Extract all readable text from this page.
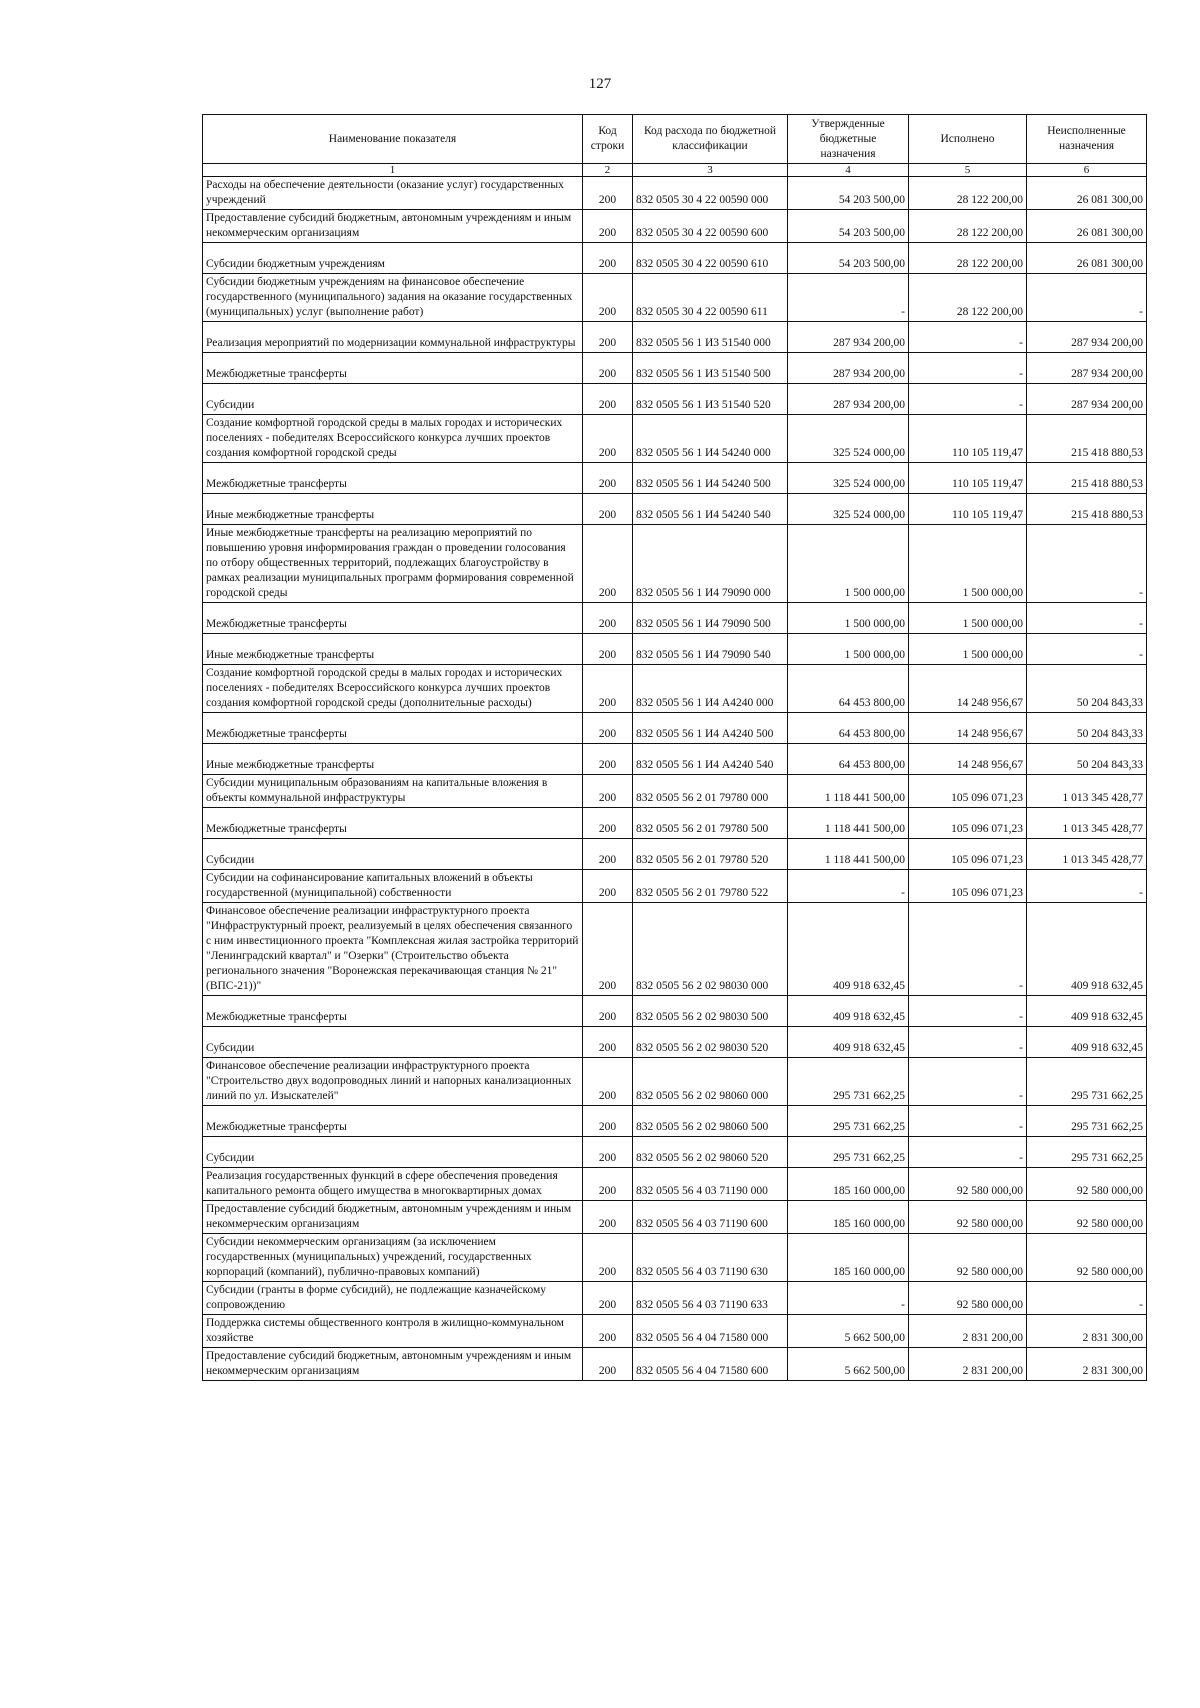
127
Наименование показателя	Код строки	Код расхода по бюджетной классификации	Утвержденные бюджетные назначения	Исполнено	Неисполненные назначения
1	2	3	4	5	6
Расходы на обеспечение деятельности (оказание услуг) государственных учреждений	200	832 0505 30 4 22 00590 000	54 203 500,00	28 122 200,00	26 081 300,00
Предоставление субсидий бюджетным, автономным учреждениям и иным некоммерческим организациям	200	832 0505 30 4 22 00590 600	54 203 500,00	28 122 200,00	26 081 300,00
Субсидии бюджетным учреждениям	200	832 0505 30 4 22 00590 610	54 203 500,00	28 122 200,00	26 081 300,00
Субсидии бюджетным учреждениям на финансовое обеспечение государственного (муниципального) задания на оказание государственных (муниципальных) услуг (выполнение работ)	200	832 0505 30 4 22 00590 611	-	28 122 200,00	-
Реализация мероприятий по модернизации коммунальной инфраструктуры	200	832 0505 56 1 И3 51540 000	287 934 200,00	-	287 934 200,00
Межбюджетные трансферты	200	832 0505 56 1 И3 51540 500	287 934 200,00	-	287 934 200,00
Субсидии	200	832 0505 56 1 И3 51540 520	287 934 200,00	-	287 934 200,00
Создание комфортной городской среды в малых городах и исторических поселениях - победителях Всероссийского конкурса лучших проектов создания комфортной городской среды	200	832 0505 56 1 И4 54240 000	325 524 000,00	110 105 119,47	215 418 880,53
Межбюджетные трансферты	200	832 0505 56 1 И4 54240 500	325 524 000,00	110 105 119,47	215 418 880,53
Иные межбюджетные трансферты	200	832 0505 56 1 И4 54240 540	325 524 000,00	110 105 119,47	215 418 880,53
Иные межбюджетные трансферты на реализацию мероприятий по повышению уровня информирования граждан о проведении голосования по отбору общественных территорий, подлежащих благоустройству в рамках реализации муниципальных программ формирования современной городской среды	200	832 0505 56 1 И4 79090 000	1 500 000,00	1 500 000,00	-
Межбюджетные трансферты	200	832 0505 56 1 И4 79090 500	1 500 000,00	1 500 000,00	-
Иные межбюджетные трансферты	200	832 0505 56 1 И4 79090 540	1 500 000,00	1 500 000,00	-
Создание комфортной городской среды в малых городах и исторических поселениях - победителях Всероссийского конкурса лучших проектов создания комфортной городской среды (дополнительные расходы)	200	832 0505 56 1 И4 А4240 000	64 453 800,00	14 248 956,67	50 204 843,33
Межбюджетные трансферты	200	832 0505 56 1 И4 А4240 500	64 453 800,00	14 248 956,67	50 204 843,33
Иные межбюджетные трансферты	200	832 0505 56 1 И4 А4240 540	64 453 800,00	14 248 956,67	50 204 843,33
Субсидии муниципальным образованиям на капитальные вложения в объекты коммунальной инфраструктуры	200	832 0505 56 2 01 79780 000	1 118 441 500,00	105 096 071,23	1 013 345 428,77
Межбюджетные трансферты	200	832 0505 56 2 01 79780 500	1 118 441 500,00	105 096 071,23	1 013 345 428,77
Субсидии	200	832 0505 56 2 01 79780 520	1 118 441 500,00	105 096 071,23	1 013 345 428,77
Субсидии на софинансирование капитальных вложений в объекты государственной (муниципальной) собственности	200	832 0505 56 2 01 79780 522	-	105 096 071,23	-
Финансовое обеспечение реализации инфраструктурного проекта "Инфраструктурный проект, реализуемый в целях обеспечения связанного с ним инвестиционного проекта "Комплексная жилая застройка территорий "Ленинградский квартал" и "Озерки" (Строительство объекта регионального значения "Воронежская перекачивающая станция № 21" (ВПС-21))"	200	832 0505 56 2 02 98030 000	409 918 632,45	-	409 918 632,45
Межбюджетные трансферты	200	832 0505 56 2 02 98030 500	409 918 632,45	-	409 918 632,45
Субсидии	200	832 0505 56 2 02 98030 520	409 918 632,45	-	409 918 632,45
Финансовое обеспечение реализации инфраструктурного проекта "Строительство двух водопроводных линий и напорных канализационных линий по ул. Изыскателей"	200	832 0505 56 2 02 98060 000	295 731 662,25	-	295 731 662,25
Межбюджетные трансферты	200	832 0505 56 2 02 98060 500	295 731 662,25	-	295 731 662,25
Субсидии	200	832 0505 56 2 02 98060 520	295 731 662,25	-	295 731 662,25
Реализация государственных функций в сфере обеспечения проведения капитального ремонта общего имущества в многоквартирных домах	200	832 0505 56 4 03 71190 000	185 160 000,00	92 580 000,00	92 580 000,00
Предоставление субсидий бюджетным, автономным учреждениям и иным некоммерческим организациям	200	832 0505 56 4 03 71190 600	185 160 000,00	92 580 000,00	92 580 000,00
Субсидии некоммерческим организациям (за исключением государственных (муниципальных) учреждений, государственных корпораций (компаний), публично-правовых компаний)	200	832 0505 56 4 03 71190 630	185 160 000,00	92 580 000,00	92 580 000,00
Субсидии (гранты в форме субсидий), не подлежащие казначейскому сопровождению	200	832 0505 56 4 03 71190 633	-	92 580 000,00	-
Поддержка системы общественного контроля в жилищно-коммунальном хозяйстве	200	832 0505 56 4 04 71580 000	5 662 500,00	2 831 200,00	2 831 300,00
Предоставление субсидий бюджетным, автономным учреждениям и иным некоммерческим организациям	200	832 0505 56 4 04 71580 600	5 662 500,00	2 831 200,00	2 831 300,00
